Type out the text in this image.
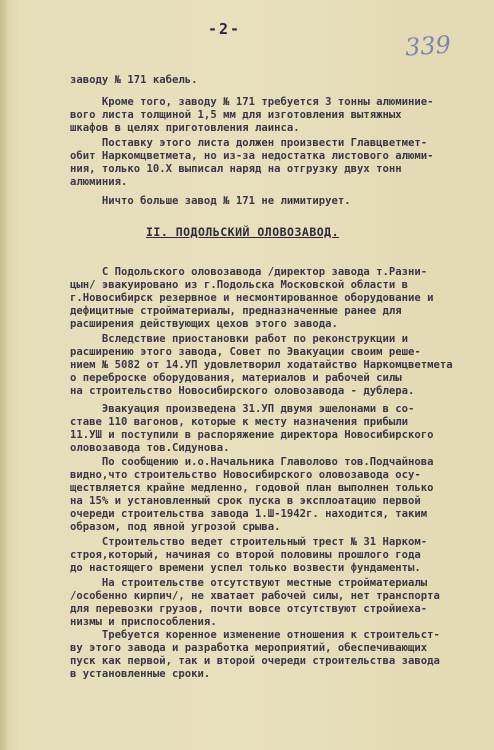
-2-
339

заводу № 171 кабель.

Кроме того, заводу № 171 требуется 3 тонны алюминие-
вого листа толщиной 1,5 мм для изготовления вытяжных
шкафов в целях приготовления лаинса.

Поставку этого листа должен произвести Главцветмет-
обит Наркомцветмета, но из-за недостатка листового алюми-
ния, только 10.Х выписал наряд на отгрузку двух тонн
алюминия.

Ничто больше завод № 171 не лимитирует.

II. ПОДОЛЬСКИЙ ОЛОВОЗАВОД.

С Подольского оловозавода /директор завода т.Разни-
цын/ эвакуировано из г.Подольска Московской области в
г.Новосибирск резервное и несмонтированное оборудование и
дефицитные стройматериалы, предназначенные ранее для
расширения действующих цехов этого завода.

Вследствие приостановки работ по реконструкции и
расширению этого завода, Совет по Эвакуации своим реше-
нием № 5082 от 14.УП удовлетворил ходатайство Наркомцветмета
о переброске оборудования, материалов и рабочей силы
на строительство Новосибирского оловозавода - дублера.

Эвакуация произведена 31.УП двумя эшелонами в со-
ставе 110 вагонов, которые к месту назначения прибыли
11.УШ и поступили в распоряжение директора Новосибирского
оловозавода тов.Сидунова.

По сообщению и.о.Начальника Главолово тов.Подчайнова
видно,что строительство Новосибирского оловозавода осу-
ществляется крайне медленно, годовой план выполнен только
на 15% и установленный срок пуска в эксплоатацию первой
очереди строительства завода 1.Ш-1942г. находится, таким
образом, под явной угрозой срыва.

Строительство ведет строительный трест № 31 Нарком-
строя,который, начиная со второй половины прошлого года
до настоящего времени успел только возвести фундаменты.

На строительстве отсутствуют местные стройматериалы
/особенно кирпич/, не хватает рабочей силы, нет транспорта
для перевозки грузов, почти вовсе отсутствуют стройиеха-
низмы и приспособления.

Требуется коренное изменение отношения к строительст-
ву этого завода и разработка мероприятий, обеспечивающих
пуск как первой, так и второй очереди строительства завода
в установленные сроки.
